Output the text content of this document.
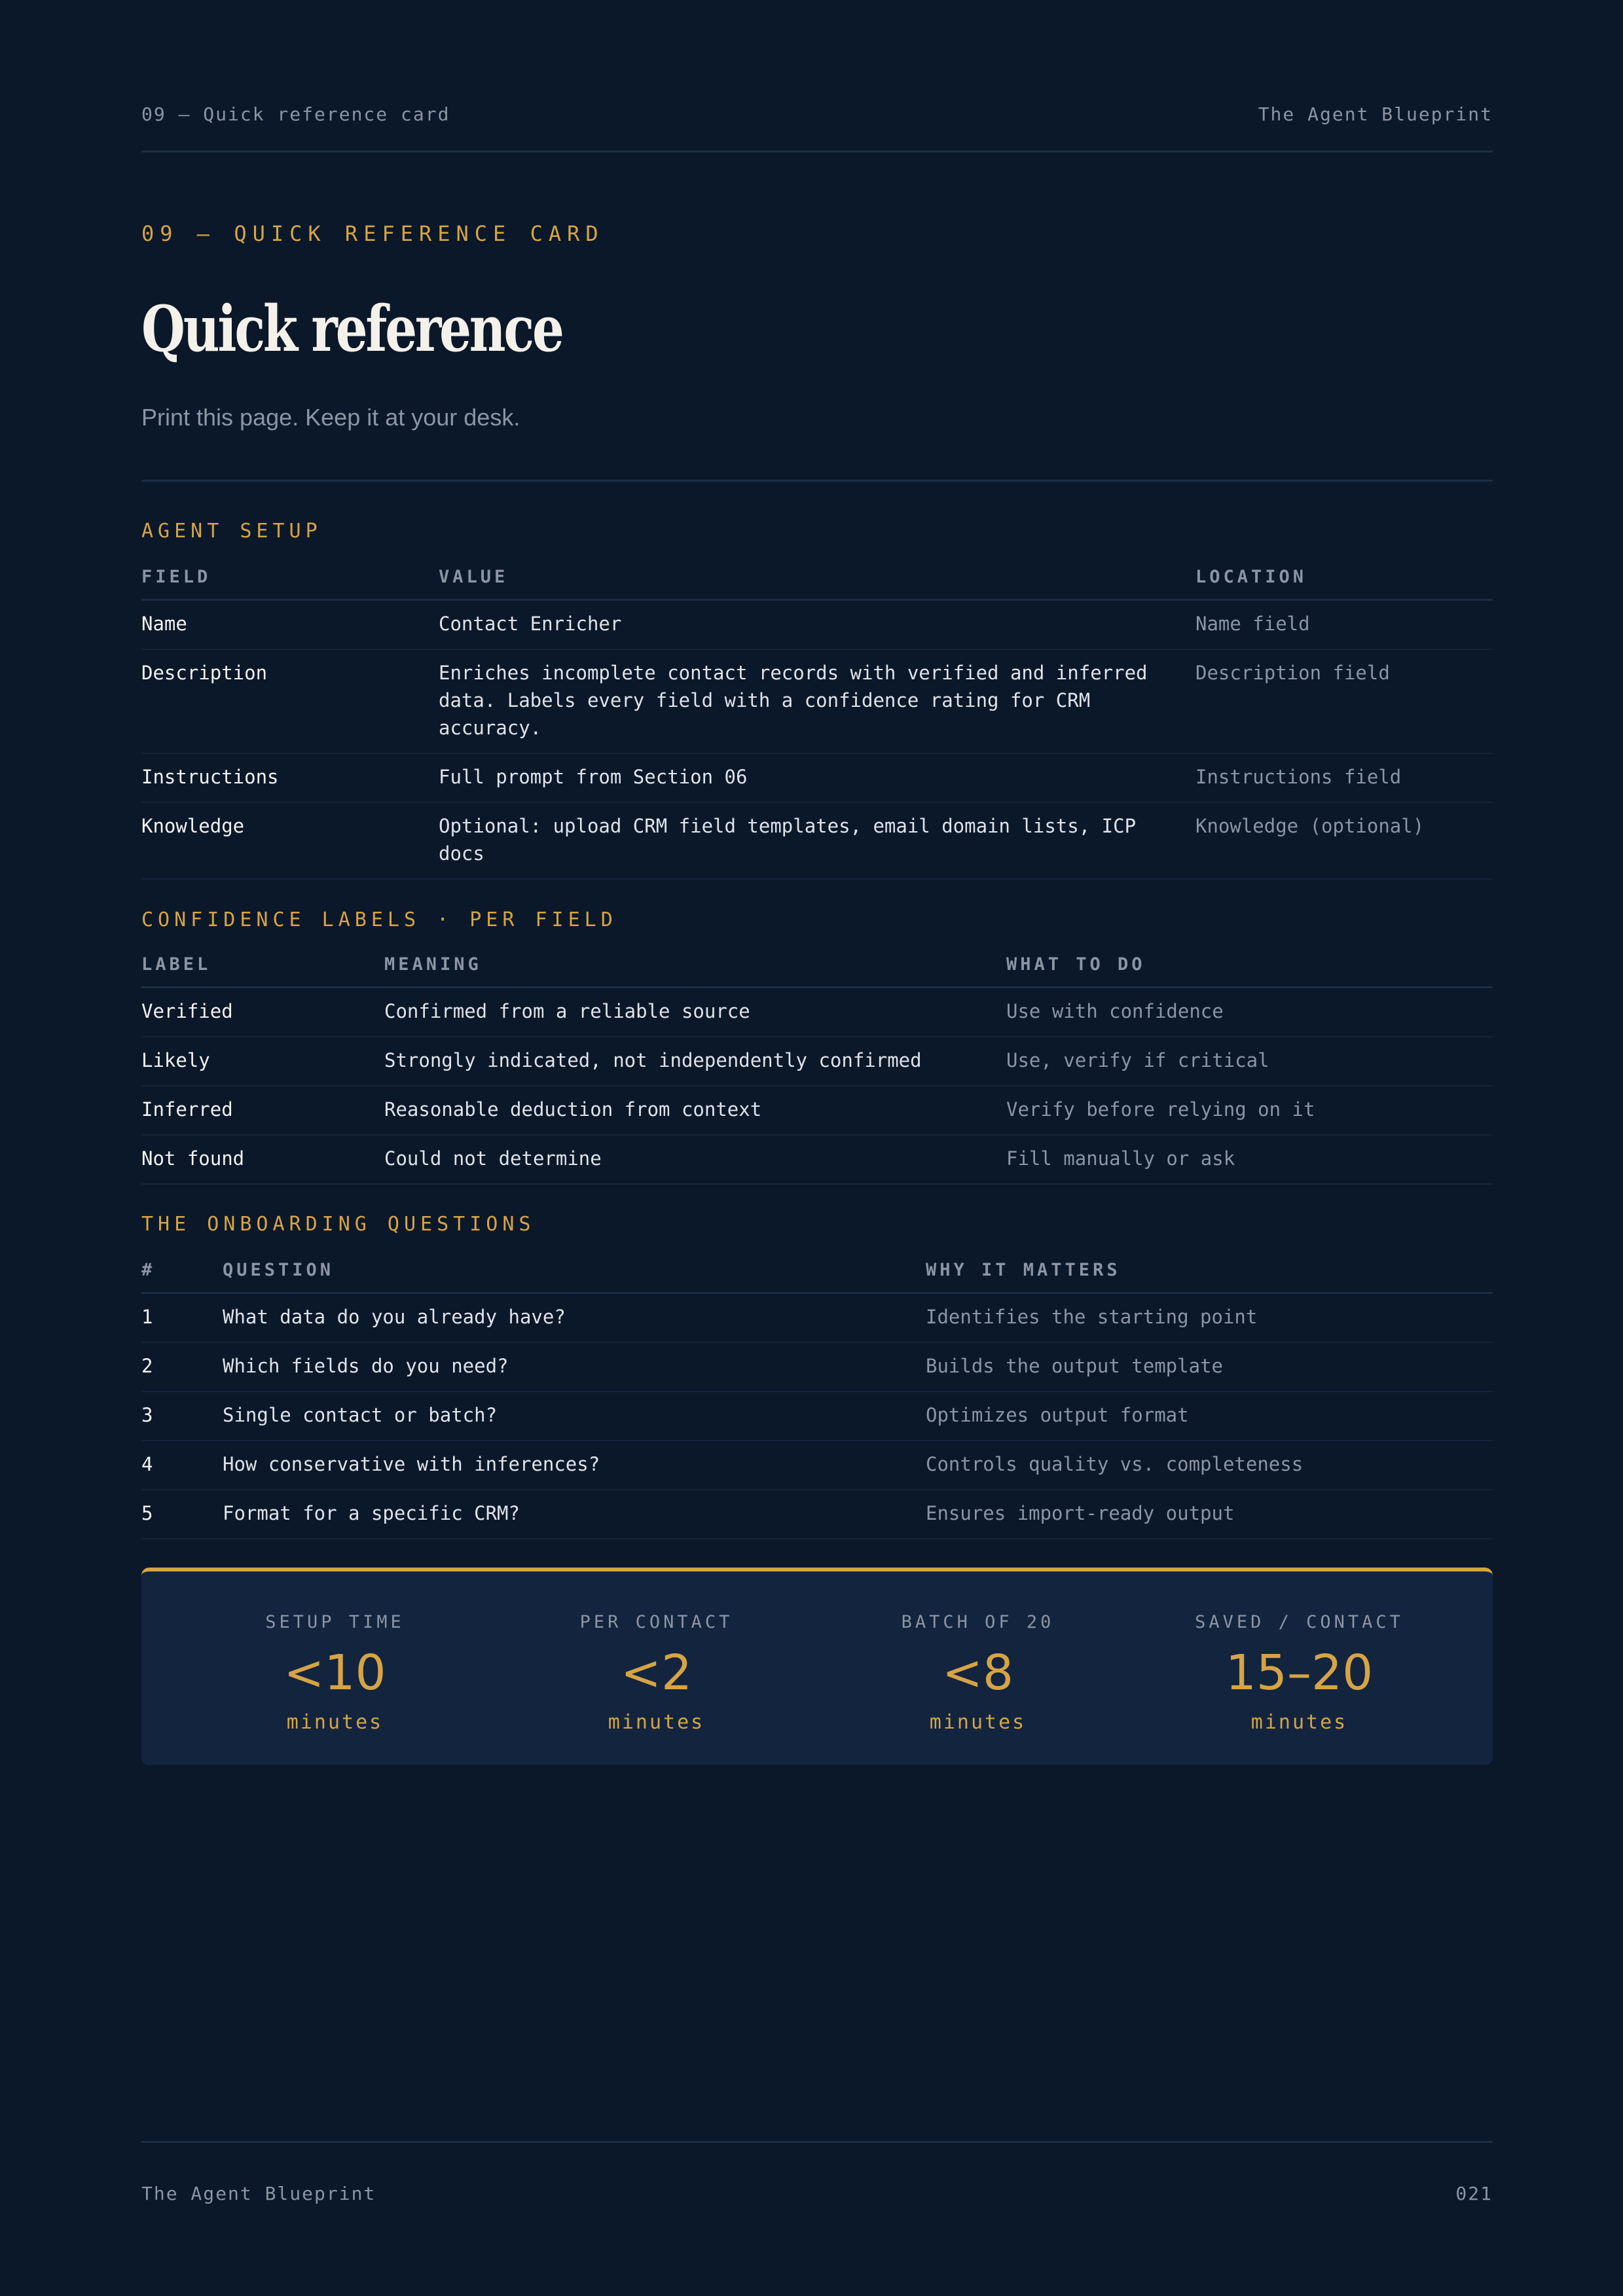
09 — Quick reference card	The Agent Blueprint
09 — QUICK REFERENCE CARD
Quick reference

Print this page. Keep it at your desk.

AGENT SETUP
FIELD	VALUE	LOCATION
Name	Contact Enricher	Name field
Description	Enriches incomplete contact records with verified and inferred data. Labels every field with a confidence rating for CRM accuracy.	Description field
Instructions	Full prompt from Section 06	Instructions field
Knowledge	Optional: upload CRM field templates, email domain lists, ICP docs	Knowledge (optional)
CONFIDENCE LABELS · PER FIELD
LABEL	MEANING	WHAT TO DO
Verified	Confirmed from a reliable source	Use with confidence
Likely	Strongly indicated, not independently confirmed	Use, verify if critical
Inferred	Reasonable deduction from context	Verify before relying on it
Not found	Could not determine	Fill manually or ask
THE ONBOARDING QUESTIONS
#	QUESTION	WHY IT MATTERS
1	What data do you already have?	Identifies the starting point
2	Which fields do you need?	Builds the output template
3	Single contact or batch?	Optimizes output format
4	How conservative with inferences?	Controls quality vs. completeness
5	Format for a specific CRM?	Ensures import-ready output
SETUP TIME
<10
minutes
PER CONTACT
<2
minutes
BATCH OF 20
<8
minutes
SAVED / CONTACT
15–20
minutes
The Agent Blueprint	021
